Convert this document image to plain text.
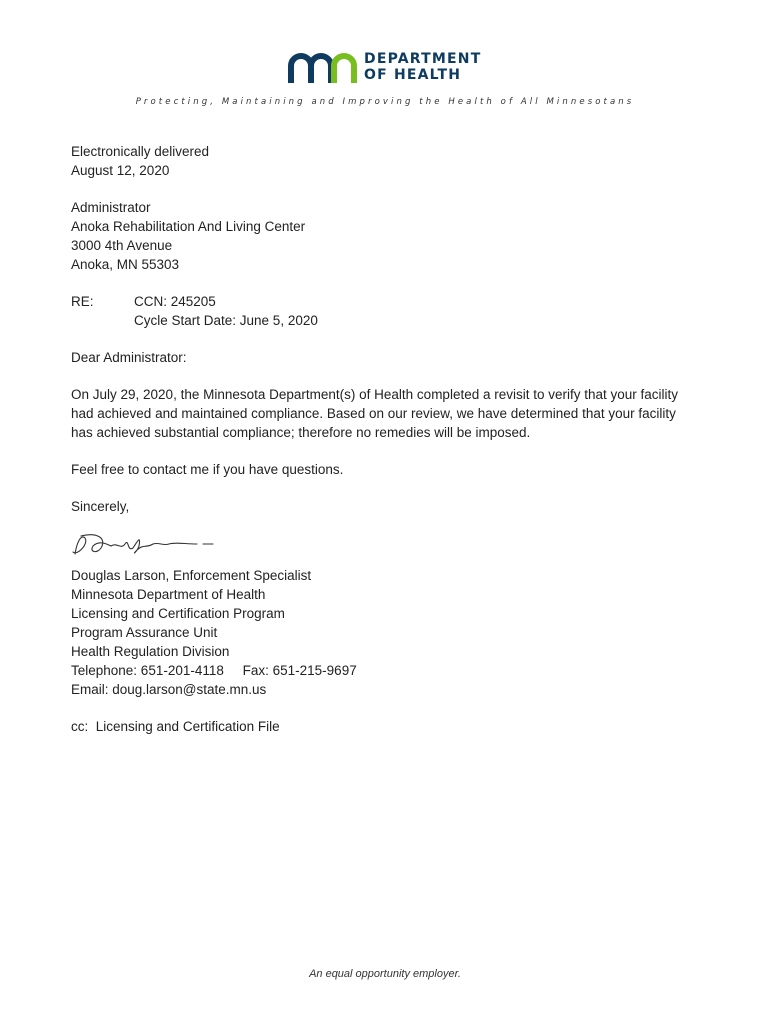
DEPARTMENT
OF HEALTH
Protecting, Maintaining and Improving the Health of All Minnesotans
Electronically delivered
August 12, 2020
Administrator
Anoka Rehabilitation And Living Center
3000 4th Avenue
Anoka, MN 55303
RE:	CCN: 245205
Cycle Start Date: June 5, 2020
Dear Administrator:
On July 29, 2020, the Minnesota Department(s) of Health completed a revisit to verify that your facility
had achieved and maintained compliance. Based on our review, we have determined that your facility
has achieved substantial compliance; therefore no remedies will be imposed.
Feel free to contact me if you have questions.
Sincerely,
Douglas Larson, Enforcement Specialist
Minnesota Department of Health
Licensing and Certification Program
Program Assurance Unit
Health Regulation Division
Telephone: 651-201-4118     Fax: 651-215-9697
Email: doug.larson@state.mn.us
cc:  Licensing and Certification File
An equal opportunity employer.
